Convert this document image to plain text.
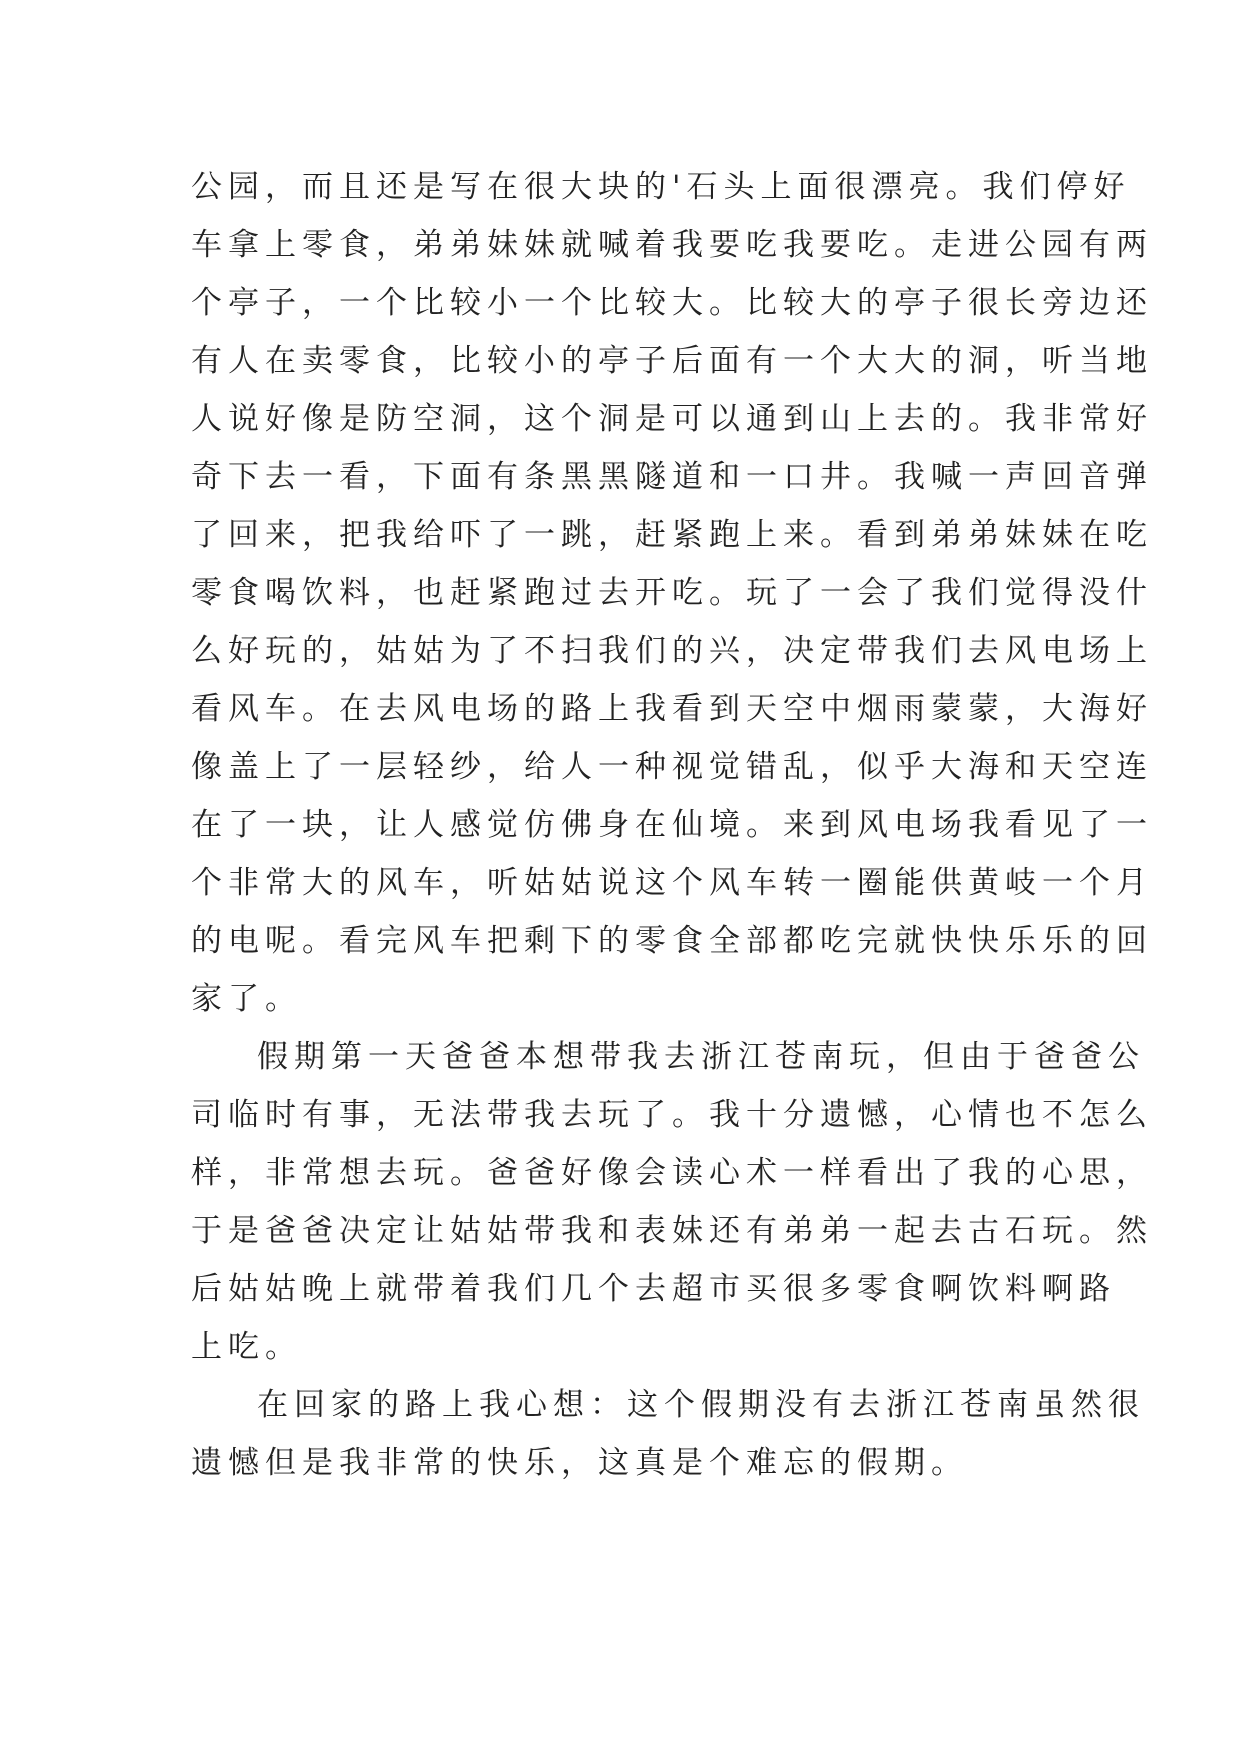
公园，而且还是写在很大块的'石头上面很漂亮。我们停好
车拿上零食，弟弟妹妹就喊着我要吃我要吃。走进公园有两
个亭子，一个比较小一个比较大。比较大的亭子很长旁边还
有人在卖零食，比较小的亭子后面有一个大大的洞，听当地
人说好像是防空洞，这个洞是可以通到山上去的。我非常好
奇下去一看，下面有条黑黑隧道和一口井。我喊一声回音弹
了回来，把我给吓了一跳，赶紧跑上来。看到弟弟妹妹在吃
零食喝饮料，也赶紧跑过去开吃。玩了一会了我们觉得没什
么好玩的，姑姑为了不扫我们的兴，决定带我们去风电场上
看风车。在去风电场的路上我看到天空中烟雨蒙蒙，大海好
像盖上了一层轻纱，给人一种视觉错乱，似乎大海和天空连
在了一块，让人感觉仿佛身在仙境。来到风电场我看见了一
个非常大的风车，听姑姑说这个风车转一圈能供黄岐一个月
的电呢。看完风车把剩下的零食全部都吃完就快快乐乐的回
家了。
假期第一天爸爸本想带我去浙江苍南玩，但由于爸爸公
司临时有事，无法带我去玩了。我十分遗憾，心情也不怎么
样，非常想去玩。爸爸好像会读心术一样看出了我的心思，
于是爸爸决定让姑姑带我和表妹还有弟弟一起去古石玩。然
后姑姑晚上就带着我们几个去超市买很多零食啊饮料啊路
上吃。
在回家的路上我心想：这个假期没有去浙江苍南虽然很
遗憾但是我非常的快乐，这真是个难忘的假期。
